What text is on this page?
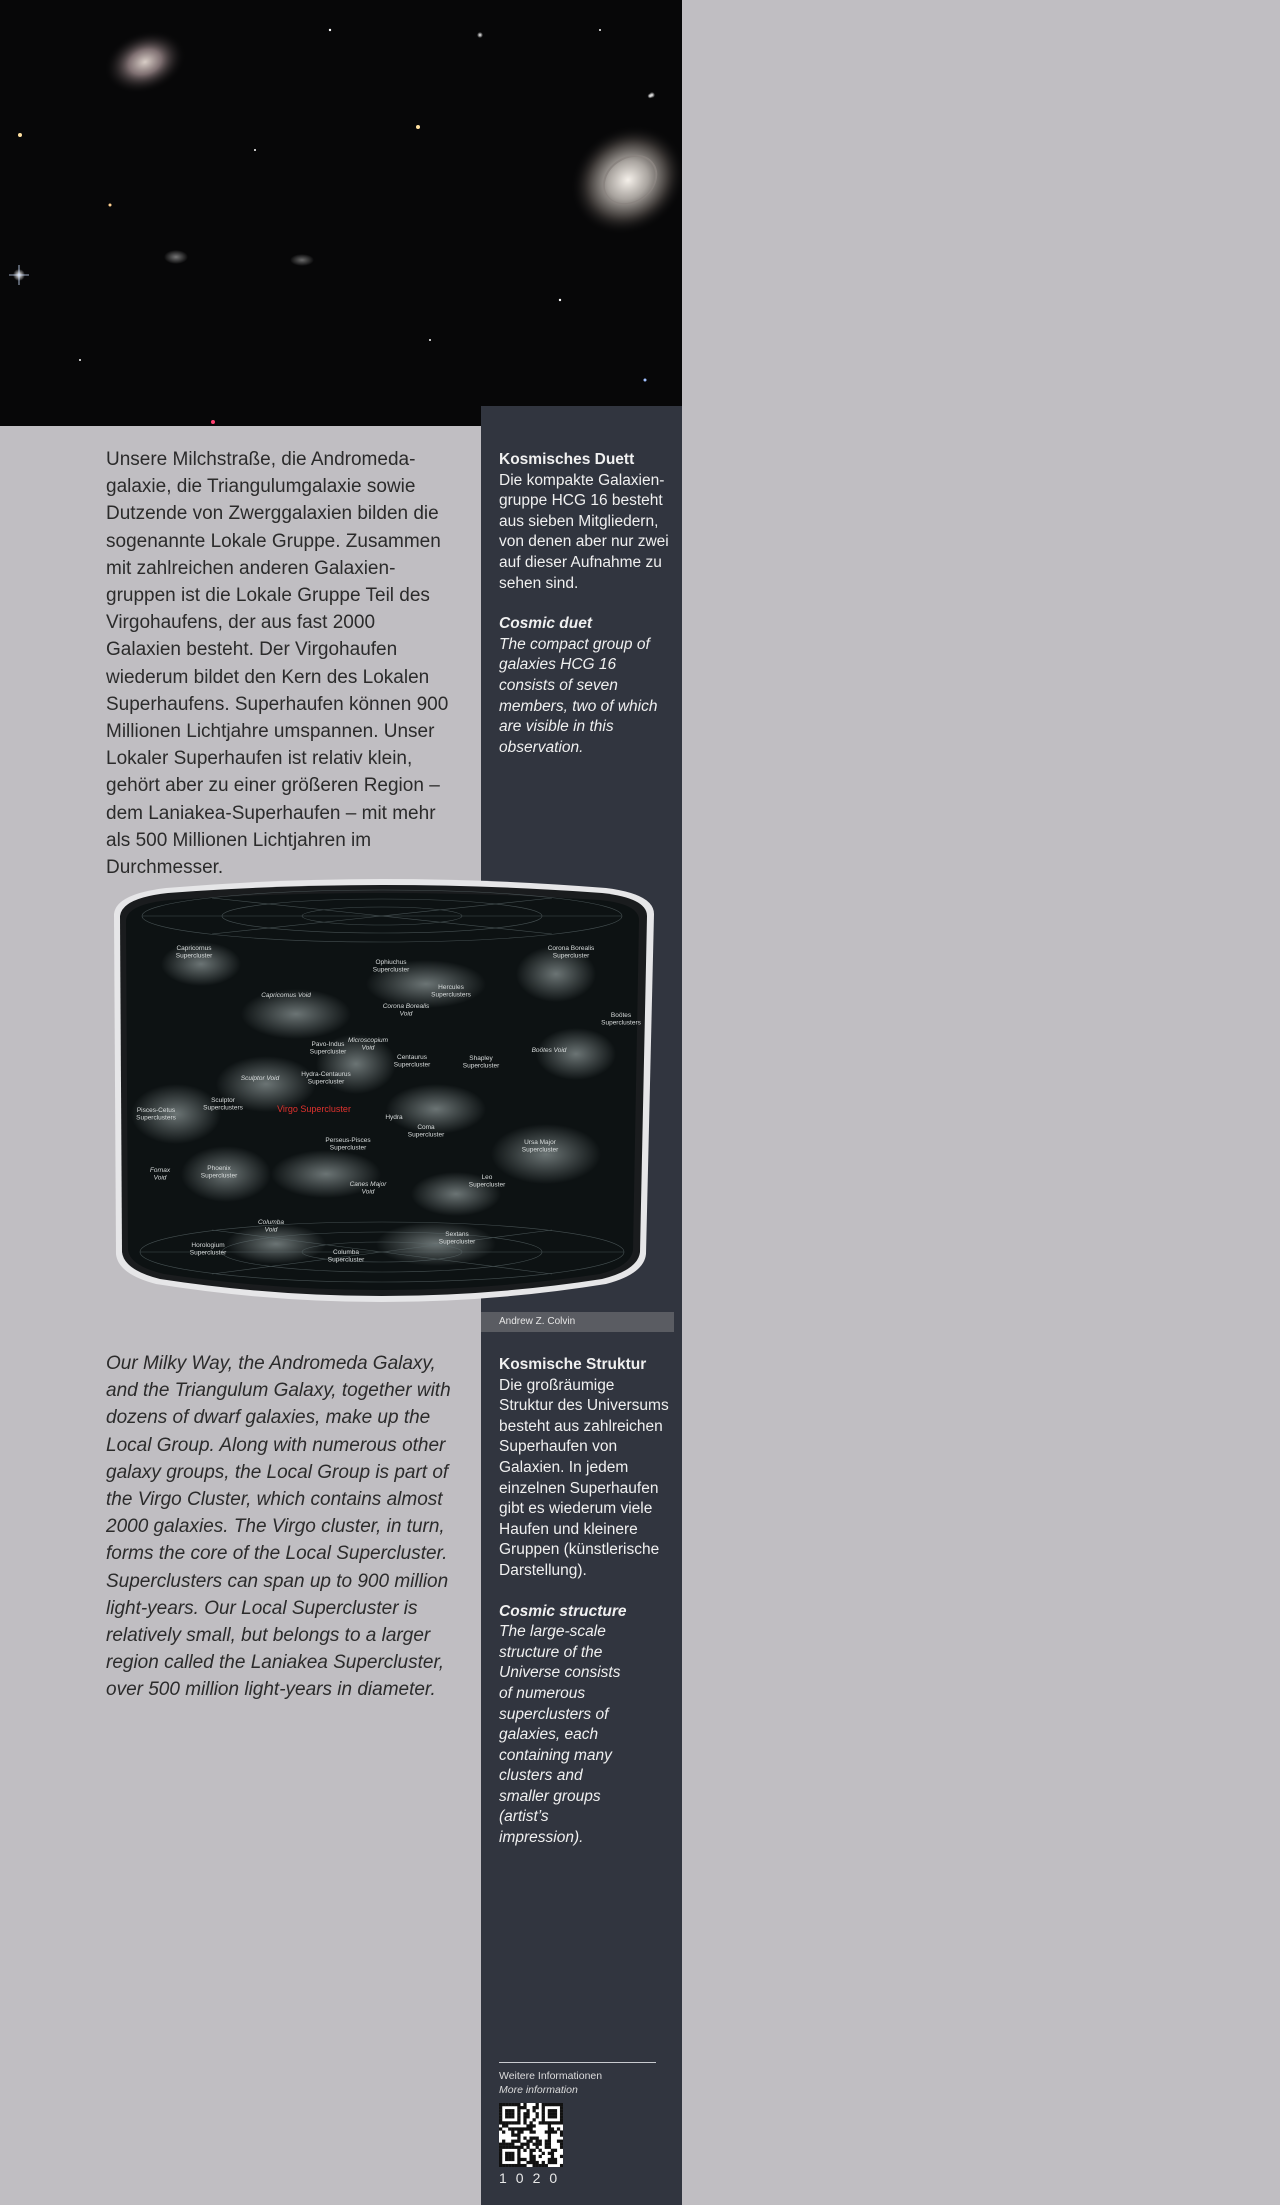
Kosmisches Duett
Die kompakte Galaxiengruppe HCG 16 besteht aus sieben Mitgliedern, von denen aber nur zwei auf dieser Aufnahme zu sehen sind.
Cosmic duet
The compact group of galaxies HCG 16 consists of seven members, two of which are visible in this observation.
Unsere Milchstraße, die Andromedagalaxie, die Triangulumgalaxie sowie Dutzende von Zwerggalaxien bilden die sogenannte Lokale Gruppe. Zusammen mit zahlreichen anderen Galaxiengruppen ist die Lokale Gruppe Teil des Virgohaufens, der aus fast 2000 Galaxien besteht. Der Virgohaufen wiederum bildet den Kern des Lokalen Superhaufens. Superhaufen können 900 Millionen Lichtjahre umspannen. Unser Lokaler Superhaufen ist relativ klein, gehört aber zu einer größeren Region – dem Laniakea-Superhaufen – mit mehr als 500 Millionen Lichtjahren im Durchmesser.
Capricornus Supercluster
Ophiuchus Supercluster
Corona Borealis Supercluster
Capricornus Void
Corona Borealis Void
Hercules Superclusters
Boötes Superclusters
Pavo-Indus Supercluster
Microscopium Void
Centaurus Supercluster
Shapley Supercluster
Boötes Void
Sculptor Void
Hydra-Centaurus Supercluster
Sculptor Superclusters
Pisces-Cetus Superclusters
Virgo Supercluster
Hydra
Coma Supercluster
Perseus-Pisces Supercluster
Ursa Major Supercluster
Fornax Void
Phoenix Supercluster
Canes Major Void
Leo Supercluster
Columba Void
Horologium Supercluster	Columba Supercluster
Sextans Supercluster
Andrew Z. Colvin
Kosmische Struktur
Die großräumige Struktur des Universums besteht aus zahlreichen Superhaufen von Galaxien. In jedem einzelnen Superhaufen gibt es wiederum viele Haufen und kleinere Gruppen (künstlerische Darstellung).
Cosmic structure
The large-scale structure of the Universe consists of numerous superclusters of galaxies, each containing many clusters and smaller groups (artist’s impression).
Our Milky Way, the Andromeda Galaxy, and the Triangulum Galaxy, together with dozens of dwarf galaxies, make up the Local Group. Along with numerous other galaxy groups, the Local Group is part of the Virgo Cluster, which contains almost 2000 galaxies. The Virgo cluster, in turn, forms the core of the Local Supercluster. Superclusters can span up to 900 million light-years. Our Local Supercluster is relatively small, but belongs to a larger region called the Laniakea Supercluster, over 500 million light-years in diameter.
Weitere Informationen
More information
1020
